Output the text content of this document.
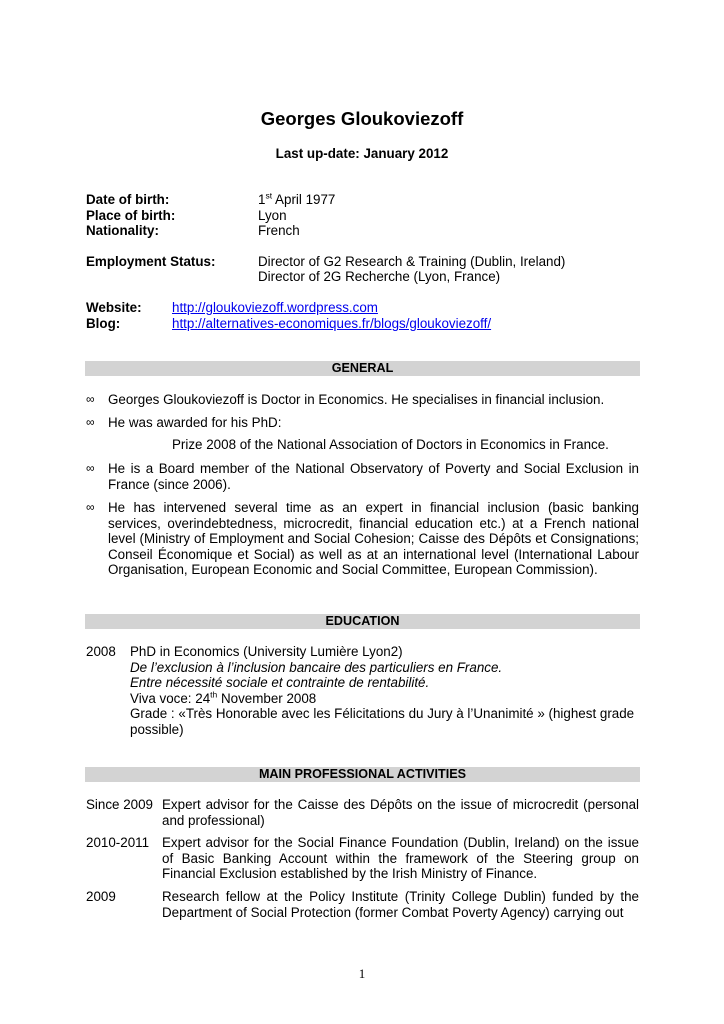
Georges Gloukoviezoff
Last up-date: January 2012
Date of birth:	1st April 1977
Place of birth:	Lyon
Nationality:	French
Employment Status:	Director of G2 Research & Training (Dublin, Ireland)
Director of 2G Recherche (Lyon, France)
Website: http://gloukoviezoff.wordpress.com
Blog:	http://alternatives-economiques.fr/blogs/gloukoviezoff/
GENERAL
∞	Georges Gloukoviezoff is Doctor in Economics. He specialises in financial inclusion.
∞	He was awarded for his PhD:
Prize 2008 of the National Association of Doctors in Economics in France.
∞	He is a Board member of the National Observatory of Poverty and Social Exclusion in France (since 2006).
∞	He has intervened several time as an expert in financial inclusion (basic banking services, overindebtedness, microcredit, financial education etc.) at a French national level (Ministry of Employment and Social Cohesion; Caisse des Dépôts et Consignations; Conseil Économique et Social) as well as at an international level (International Labour Organisation, European Economic and Social Committee, European Commission).
EDUCATION
2008 PhD in Economics (University Lumière Lyon2)
De l’exclusion à l’inclusion bancaire des particuliers en France.
Entre nécessité sociale et contrainte de rentabilité.
Viva voce: 24th November 2008
Grade : «Très Honorable avec les Félicitations du Jury à l’Unanimité » (highest grade possible)
MAIN PROFESSIONAL ACTIVITIES
Since 2009 Expert advisor for the Caisse des Dépôts on the issue of microcredit (personal and professional)
2010-2011 Expert advisor for the Social Finance Foundation (Dublin, Ireland) on the issue of Basic Banking Account within the framework of the Steering group on Financial Exclusion established by the Irish Ministry of Finance.
2009	Research fellow at the Policy Institute (Trinity College Dublin) funded by the Department of Social Protection (former Combat Poverty Agency) carrying out
1
